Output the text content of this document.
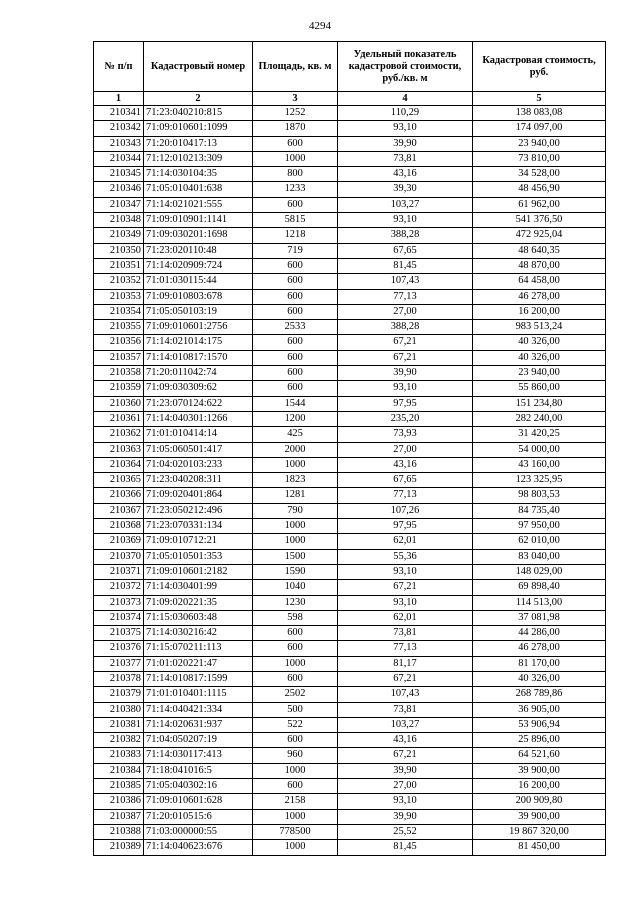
4294
№ п/п	Кадастровый номер	Площадь, кв. м	Удельный показатель кадастровой стоимости, руб./кв. м	Кадастровая стоимость, руб.
1	2	3	4	5
210341	71:23:040210:815	1252	110,29	138 083,08
210342	71:09:010601:1099	1870	93,10	174 097,00
210343	71:20:010417:13	600	39,90	23 940,00
210344	71:12:010213:309	1000	73,81	73 810,00
210345	71:14:030104:35	800	43,16	34 528,00
210346	71:05:010401:638	1233	39,30	48 456,90
210347	71:14:021021:555	600	103,27	61 962,00
210348	71:09:010901:1141	5815	93,10	541 376,50
210349	71:09:030201:1698	1218	388,28	472 925,04
210350	71:23:020110:48	719	67,65	48 640,35
210351	71:14:020909:724	600	81,45	48 870,00
210352	71:01:030115:44	600	107,43	64 458,00
210353	71:09:010803:678	600	77,13	46 278,00
210354	71:05:050103:19	600	27,00	16 200,00
210355	71:09:010601:2756	2533	388,28	983 513,24
210356	71:14:021014:175	600	67,21	40 326,00
210357	71:14:010817:1570	600	67,21	40 326,00
210358	71:20:011042:74	600	39,90	23 940,00
210359	71:09:030309:62	600	93,10	55 860,00
210360	71:23:070124:622	1544	97,95	151 234,80
210361	71:14:040301:1266	1200	235,20	282 240,00
210362	71:01:010414:14	425	73,93	31 420,25
210363	71:05:060501:417	2000	27,00	54 000,00
210364	71:04:020103:233	1000	43,16	43 160,00
210365	71:23:040208:311	1823	67,65	123 325,95
210366	71:09:020401:864	1281	77,13	98 803,53
210367	71:23:050212:496	790	107,26	84 735,40
210368	71:23:070331:134	1000	97,95	97 950,00
210369	71:09:010712:21	1000	62,01	62 010,00
210370	71:05:010501:353	1500	55,36	83 040,00
210371	71:09:010601:2182	1590	93,10	148 029,00
210372	71:14:030401:99	1040	67,21	69 898,40
210373	71:09:020221:35	1230	93,10	114 513,00
210374	71:15:030603:48	598	62,01	37 081,98
210375	71:14:030216:42	600	73,81	44 286,00
210376	71:15:070211:113	600	77,13	46 278,00
210377	71:01:020221:47	1000	81,17	81 170,00
210378	71:14:010817:1599	600	67,21	40 326,00
210379	71:01:010401:1115	2502	107,43	268 789,86
210380	71:14:040421:334	500	73,81	36 905,00
210381	71:14:020631:937	522	103,27	53 906,94
210382	71:04:050207:19	600	43,16	25 896,00
210383	71:14:030117:413	960	67,21	64 521,60
210384	71:18:041016:5	1000	39,90	39 900,00
210385	71:05:040302:16	600	27,00	16 200,00
210386	71:09:010601:628	2158	93,10	200 909,80
210387	71:20:010515:6	1000	39,90	39 900,00
210388	71:03:000000:55	778500	25,52	19 867 320,00
210389	71:14:040623:676	1000	81,45	81 450,00
